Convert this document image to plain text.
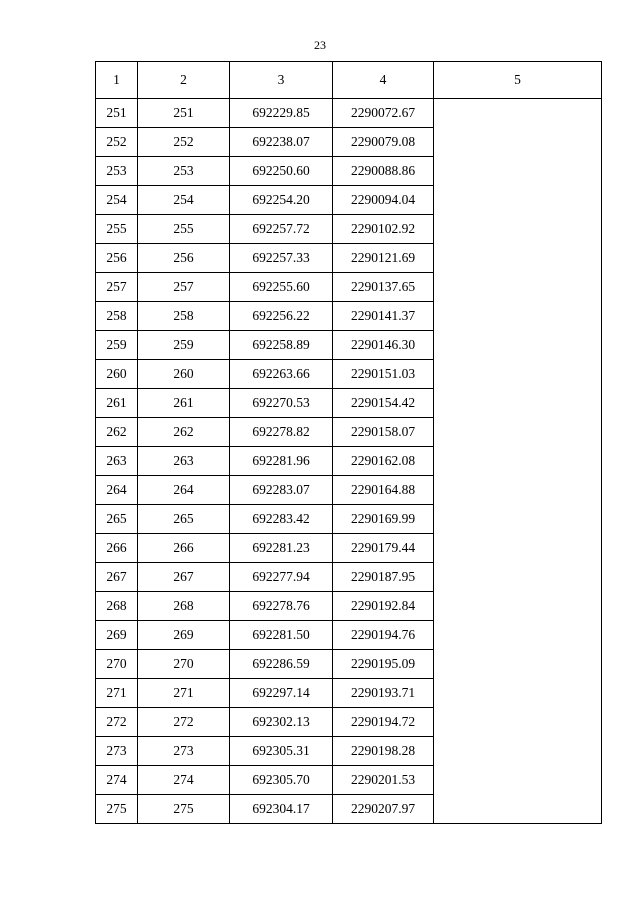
23
1	2	3	4	5
251	251	692229.85	2290072.67	
252	252	692238.07	2290079.08	
253	253	692250.60	2290088.86	
254	254	692254.20	2290094.04	
255	255	692257.72	2290102.92	
256	256	692257.33	2290121.69	
257	257	692255.60	2290137.65	
258	258	692256.22	2290141.37	
259	259	692258.89	2290146.30	
260	260	692263.66	2290151.03	
261	261	692270.53	2290154.42	
262	262	692278.82	2290158.07	
263	263	692281.96	2290162.08	
264	264	692283.07	2290164.88	
265	265	692283.42	2290169.99	
266	266	692281.23	2290179.44	
267	267	692277.94	2290187.95	
268	268	692278.76	2290192.84	
269	269	692281.50	2290194.76	
270	270	692286.59	2290195.09	
271	271	692297.14	2290193.71	
272	272	692302.13	2290194.72	
273	273	692305.31	2290198.28	
274	274	692305.70	2290201.53	
275	275	692304.17	2290207.97	
